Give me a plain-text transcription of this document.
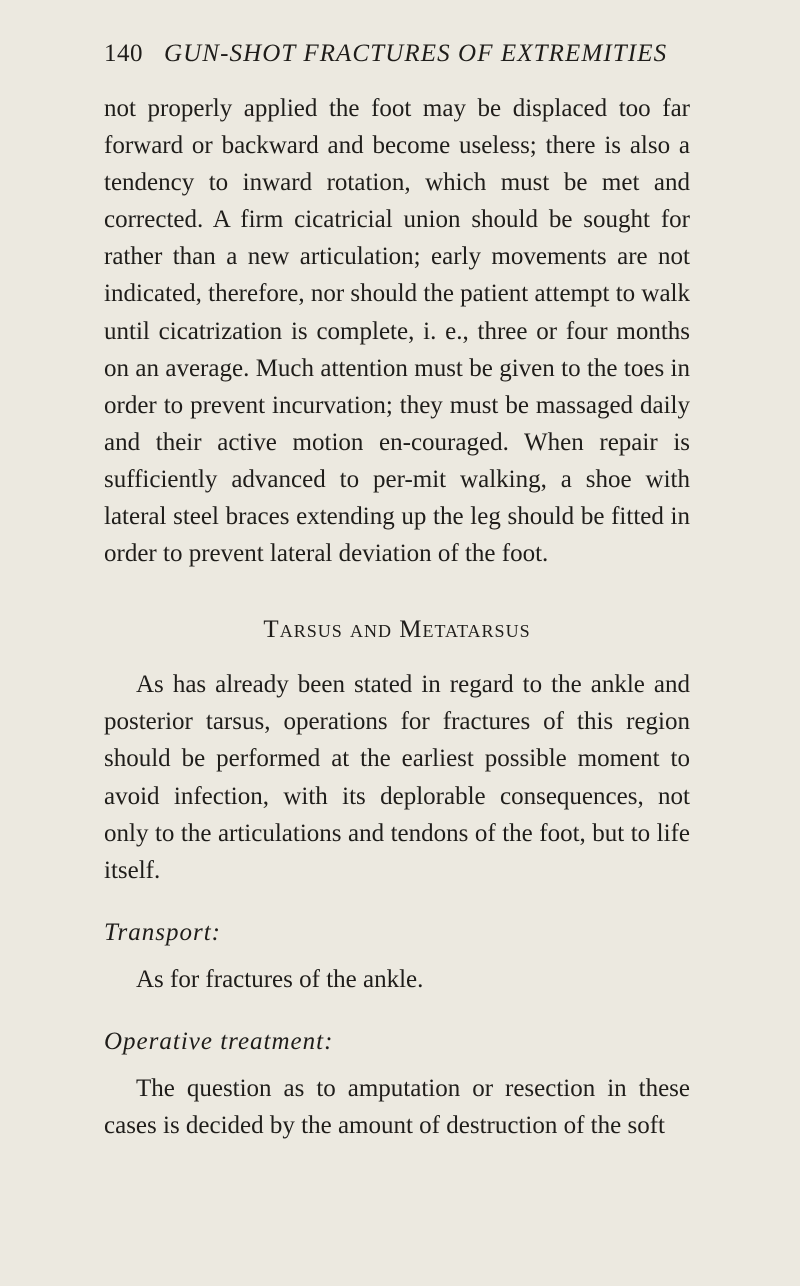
140 GUN-SHOT FRACTURES OF EXTREMITIES

not properly applied the foot may be displaced too far forward or backward and become useless; there is also a tendency to inward rotation, which must be met and corrected. A firm cicatricial union should be sought for rather than a new articulation; early movements are not indicated, therefore, nor should the patient attempt to walk until cicatrization is complete, i. e., three or four months on an average. Much attention must be given to the toes in order to prevent incurvation; they must be massaged daily and their active motion en-couraged. When repair is sufficiently advanced to per-mit walking, a shoe with lateral steel braces extending up the leg should be fitted in order to prevent lateral deviation of the foot.

Tarsus and Metatarsus

As has already been stated in regard to the ankle and posterior tarsus, operations for fractures of this region should be performed at the earliest possible moment to avoid infection, with its deplorable consequences, not only to the articulations and tendons of the foot, but to life itself.

Transport:

As for fractures of the ankle.

Operative treatment:

The question as to amputation or resection in these cases is decided by the amount of destruction of the soft
